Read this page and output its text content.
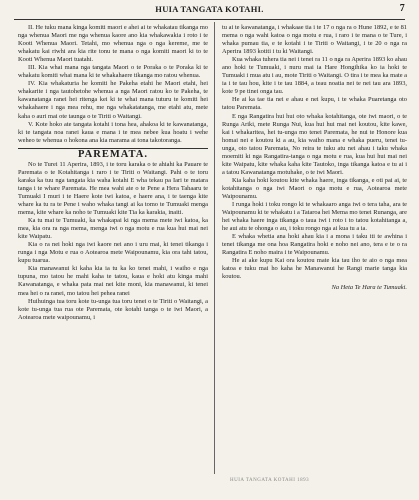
HUIA TANGATA KOTAHI.	7

II. He tuku mana kinga komiti maori e ahei ai te whakatau tikanga mo nga whenua Maori me nga whenua kaore ano kia whakawakia i roto i te Kooti Whenua Maori. Tetahi, mo whenua nga o nga kereme, me te whakatu kai riwhi ara kia rite tonu te mana o nga komiti maori ki to te Kooti Whenua Maori tuatahi.

III. Kia whai mana nga tangata Maori o te Poraka o te Poraka ki te whakatu komiti whai mana ki te whakahaere tikanga mo ratou whenua.

IV. Kia whakaturia he komiti he Pakeha etahi he Maori etahi, hei whakarite i nga tautohetohe whenua a nga Maori ratou ko te Pakeha, te kawanatanga ranei hei ritenga kei ki te whai mana tuturu te komiti hei whakahaere i nga mea rehu, me nga whakatatanga, me etahi atu, mete kaha o auri mai ote taunga o te Tiriti o Waitangi.

V. Kote hoko ate tangata kotahi i tona hea, ahakoa ki te kawanatanga, ki te tangata noa ranei kaua e mana i te mea nebee kua hoatu i wehe weheo te whenua o hokona ana kia marama ai tona takotoranga.

PAREMATA.

No te Turei 11 Aperira, 1893, i te toru karaka o te ahiahi ka Pauare te Paremata o te Kotahitanga i raro i te Tiriti o Waitangi. Pahi o te toru karaka ka tuu nga tangata kia waha kotahi E wha tekau pa Iari te matara tanga i te whare Paremata. He mea wahi ate o te Pene a Hera Tahaaru te Tumuaki I muri i te Haere kote iwi katoa, e haere ana, i te taenga kite whare ka tu ra te Pene i waho whaka tangi ai ka tomo te Tumuaki menga mema, kite whare ka noho te Tumuaki kite Tia ka karakia, inaiti.

Ka tu mai te Tumuaki, ka whakapai ki nga mema mete iwi katoa, ka mea, kia ora ra nga mema, menga iwi o nga motu e rua kua hui mai nei kite Waipatu.

Kia o ra nei hoki nga iwi kaore nei ano i uru mai, ki tenei tikanga i runga i nga Motu e rua o Aotearoa mete Waipounamu, kia ora tahi tatou, kupu tuarua.

Kia manawanui ki kaha kia ia tu ka ko tenei mahi, i waiho e nga tupuna, mo tatou he mahi kaha te tatou, kaua e hoki atu kinga mahi Kawanatanga, e whaka pata mai nei kite moni, kia manawanui, ki tenei mea hei o ra ranei, mo tatou hei pehea ranei

Huihuinga tua toru kote tu-unga tua toru tenei o te Tiriti o Waitangi, a kote tu-unga tua rua ote Paremata, ote kotahi tanga o te iwi Maori, a Aotearoa mete waipounamu, i

tu ai te kawanatanga, i whakaae tia i te 17 o nga ra o Hune 1892, e te 81 mema o nga wahi katoa o nga motu e rua, i raro i te mana o te Ture, i whaka pumau tia, e te kotahi i te Tiriti o Waitangi, i te 20 o nga ra Aperira 1893 kotiti i tu ki Waitangi.

Kua whaka tuhera tia nei i tenei ra 11 o nga ra Aperira 1893 ko ahau ano hoki te Tumuaki, i nuru mai ia Hare Hongihika ko ia hoki te Tumuaki i mua atu i au, mote Tiriti o Waitangi. O tira i te mea ka mate a ia i te tau hou, kite i te tau 1884, a teau noatia nei te nei tau ara 1893, kote 9 pe tinei onga tau.

He ai ka tae tia nei e ahau e nei kupu, i te whaka Puaretanga oto tatou Paremata.

E nga Rangatira hui hui oto whaka kotahitanga, ote iwi maori, o te Runga Ariki, mete Runga Nui, kua hui hui mai nei koutou, kite kawe, kai i whakaritea, hei tu-unga mo tenei Paremata, he nui te Honore kua homai nei e koutou ki a au, kia waiho mana e whaka pueru, tenei tu-unga, oto tatou Paremata, No reira te tuku atu nei ahau i taku whaka moemiti ki nga Rangatira-tanga o nga motu e rua, kua hui hui mai nei kite Waipatu, kite whaka kaha kite Tautoko, inga tikanga katoa e tu ai i a tatou Kawanatanga motuhake, o te iwi Maori.

Kia kaha hoki koutou kite whaka haere, inga tikanga, e oti pai ai, te kotahitanga o nga iwi Maori o nga motu e rua, Aotearoa mete Waipounamu.

I runga hoki i toku rongo ki te whakaaro anga iwi o tera taha, ara te Waipounamu ki te whakatu i a Tataroa hei Mema mo tenei Runanga, are hei whaka haere inga tikanga o taua iwi i roto i to tatou kotahitanga a, he aui atu te ohonga o au, i toku rongo nga ai kua tu a ia.

E whaka whetia ana hoki ahau kia i a mona i taku iti te awhina i tenei tikanga me ona hoa Rangatira hoki e noho nei ano, tera e te o ra Rangatira E noho maira i te Waipounamu.

He ai ake kupu Kai ora koutou mate kia tau iho te aio o nga mea katoa e tuku mai ho kaha he Manawanui he Rangi marie tanga kia koutou.

Na Heta Te Hara te Tumuaki.

HUIA TANGATA KOTAHI 1893
